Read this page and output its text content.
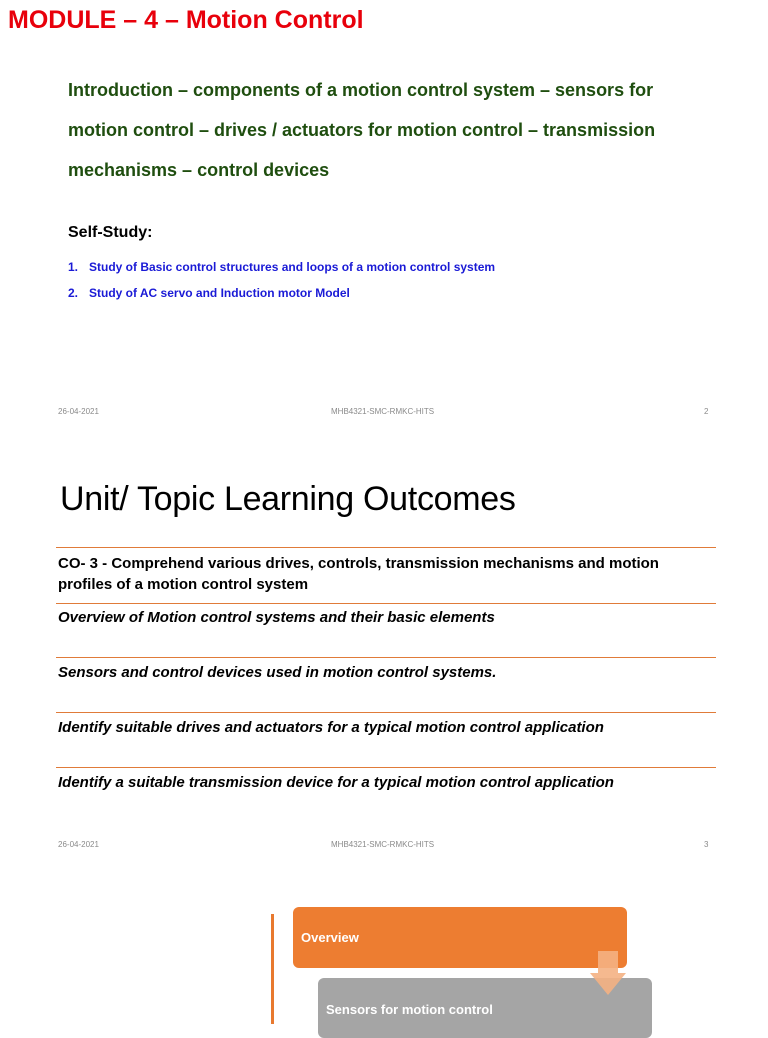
MODULE – 4 – Motion Control
Introduction – components of a motion control system – sensors for motion control – drives / actuators for motion control – transmission mechanisms – control devices
Self-Study:
1. Study of Basic control structures and loops of a motion control system
2. Study of AC servo and Induction motor Model
26-04-2021	MHB4321-SMC-RMKC-HITS	2
Unit/ Topic Learning Outcomes
CO- 3 - Comprehend various drives, controls, transmission mechanisms and motion profiles of a motion control system
Overview of Motion control systems and their basic elements
Sensors and control devices used in motion control systems.
Identify suitable drives and actuators for a typical motion control application
Identify a suitable transmission device for a typical motion control application
26-04-2021	MHB4321-SMC-RMKC-HITS	3
Overview
Sensors for motion control
